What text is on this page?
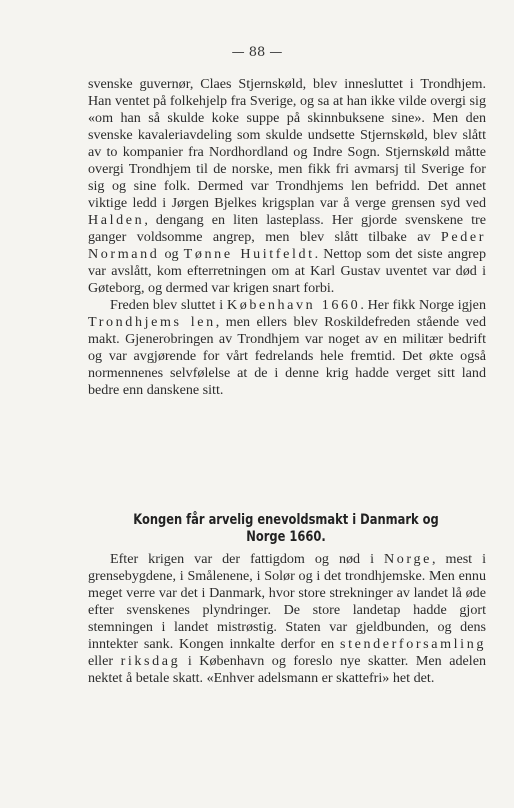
— 88 —

svenske guvernør, Claes Stjernskøld, blev innesluttet i Trondhjem. Han ventet på folkehjelp fra Sverige, og sa at han ikke vilde overgi sig «om han så skulde koke suppe på skinnbuksene sine». Men den svenske kavaleriavdeling som skulde undsette Stjernskøld, blev slått av to kompanier fra Nordhordland og Indre Sogn. Stjernskøld måtte overgi Trondhjem til de norske, men fikk fri avmarsj til Sverige for sig og sine folk. Dermed var Trondhjems len befridd. Det annet viktige ledd i Jørgen Bjelkes krigsplan var å verge grensen syd ved Halden, dengang en liten lasteplass. Her gjorde svenskene tre ganger voldsomme angrep, men blev slått tilbake av Peder Normand og Tønne Huitfeldt. Nettop som det siste angrep var avslått, kom efterretningen om at Karl Gustav uventet var død i Gøteborg, og dermed var krigen snart forbi.

Freden blev sluttet i København 1660. Her fikk Norge igjen Trondhjems len, men ellers blev Roskildefreden stående ved makt. Gjenerobringen av Trondhjem var noget av en militær bedrift og var avgjørende for vårt fedrelands hele fremtid. Det økte også normennenes selvfølelse at de i denne krig hadde verget sitt land bedre enn danskene sitt.

Kongen får arvelig enevoldsmakt i Danmark og
Norge 1660.

Efter krigen var der fattigdom og nød i Norge, mest i grensebygdene, i Smålenene, i Solør og i det trondhjemske. Men ennu meget verre var det i Danmark, hvor store strekninger av landet lå øde efter svenskenes plyndringer. De store landetap hadde gjort stemningen i landet mistrøstig. Staten var gjeldbunden, og dens inntekter sank. Kongen innkalte derfor en stenderforsamling eller riksdag i København og foreslo nye skatter. Men adelen nektet å betale skatt. «Enhver adelsmann er skattefri» het det.
